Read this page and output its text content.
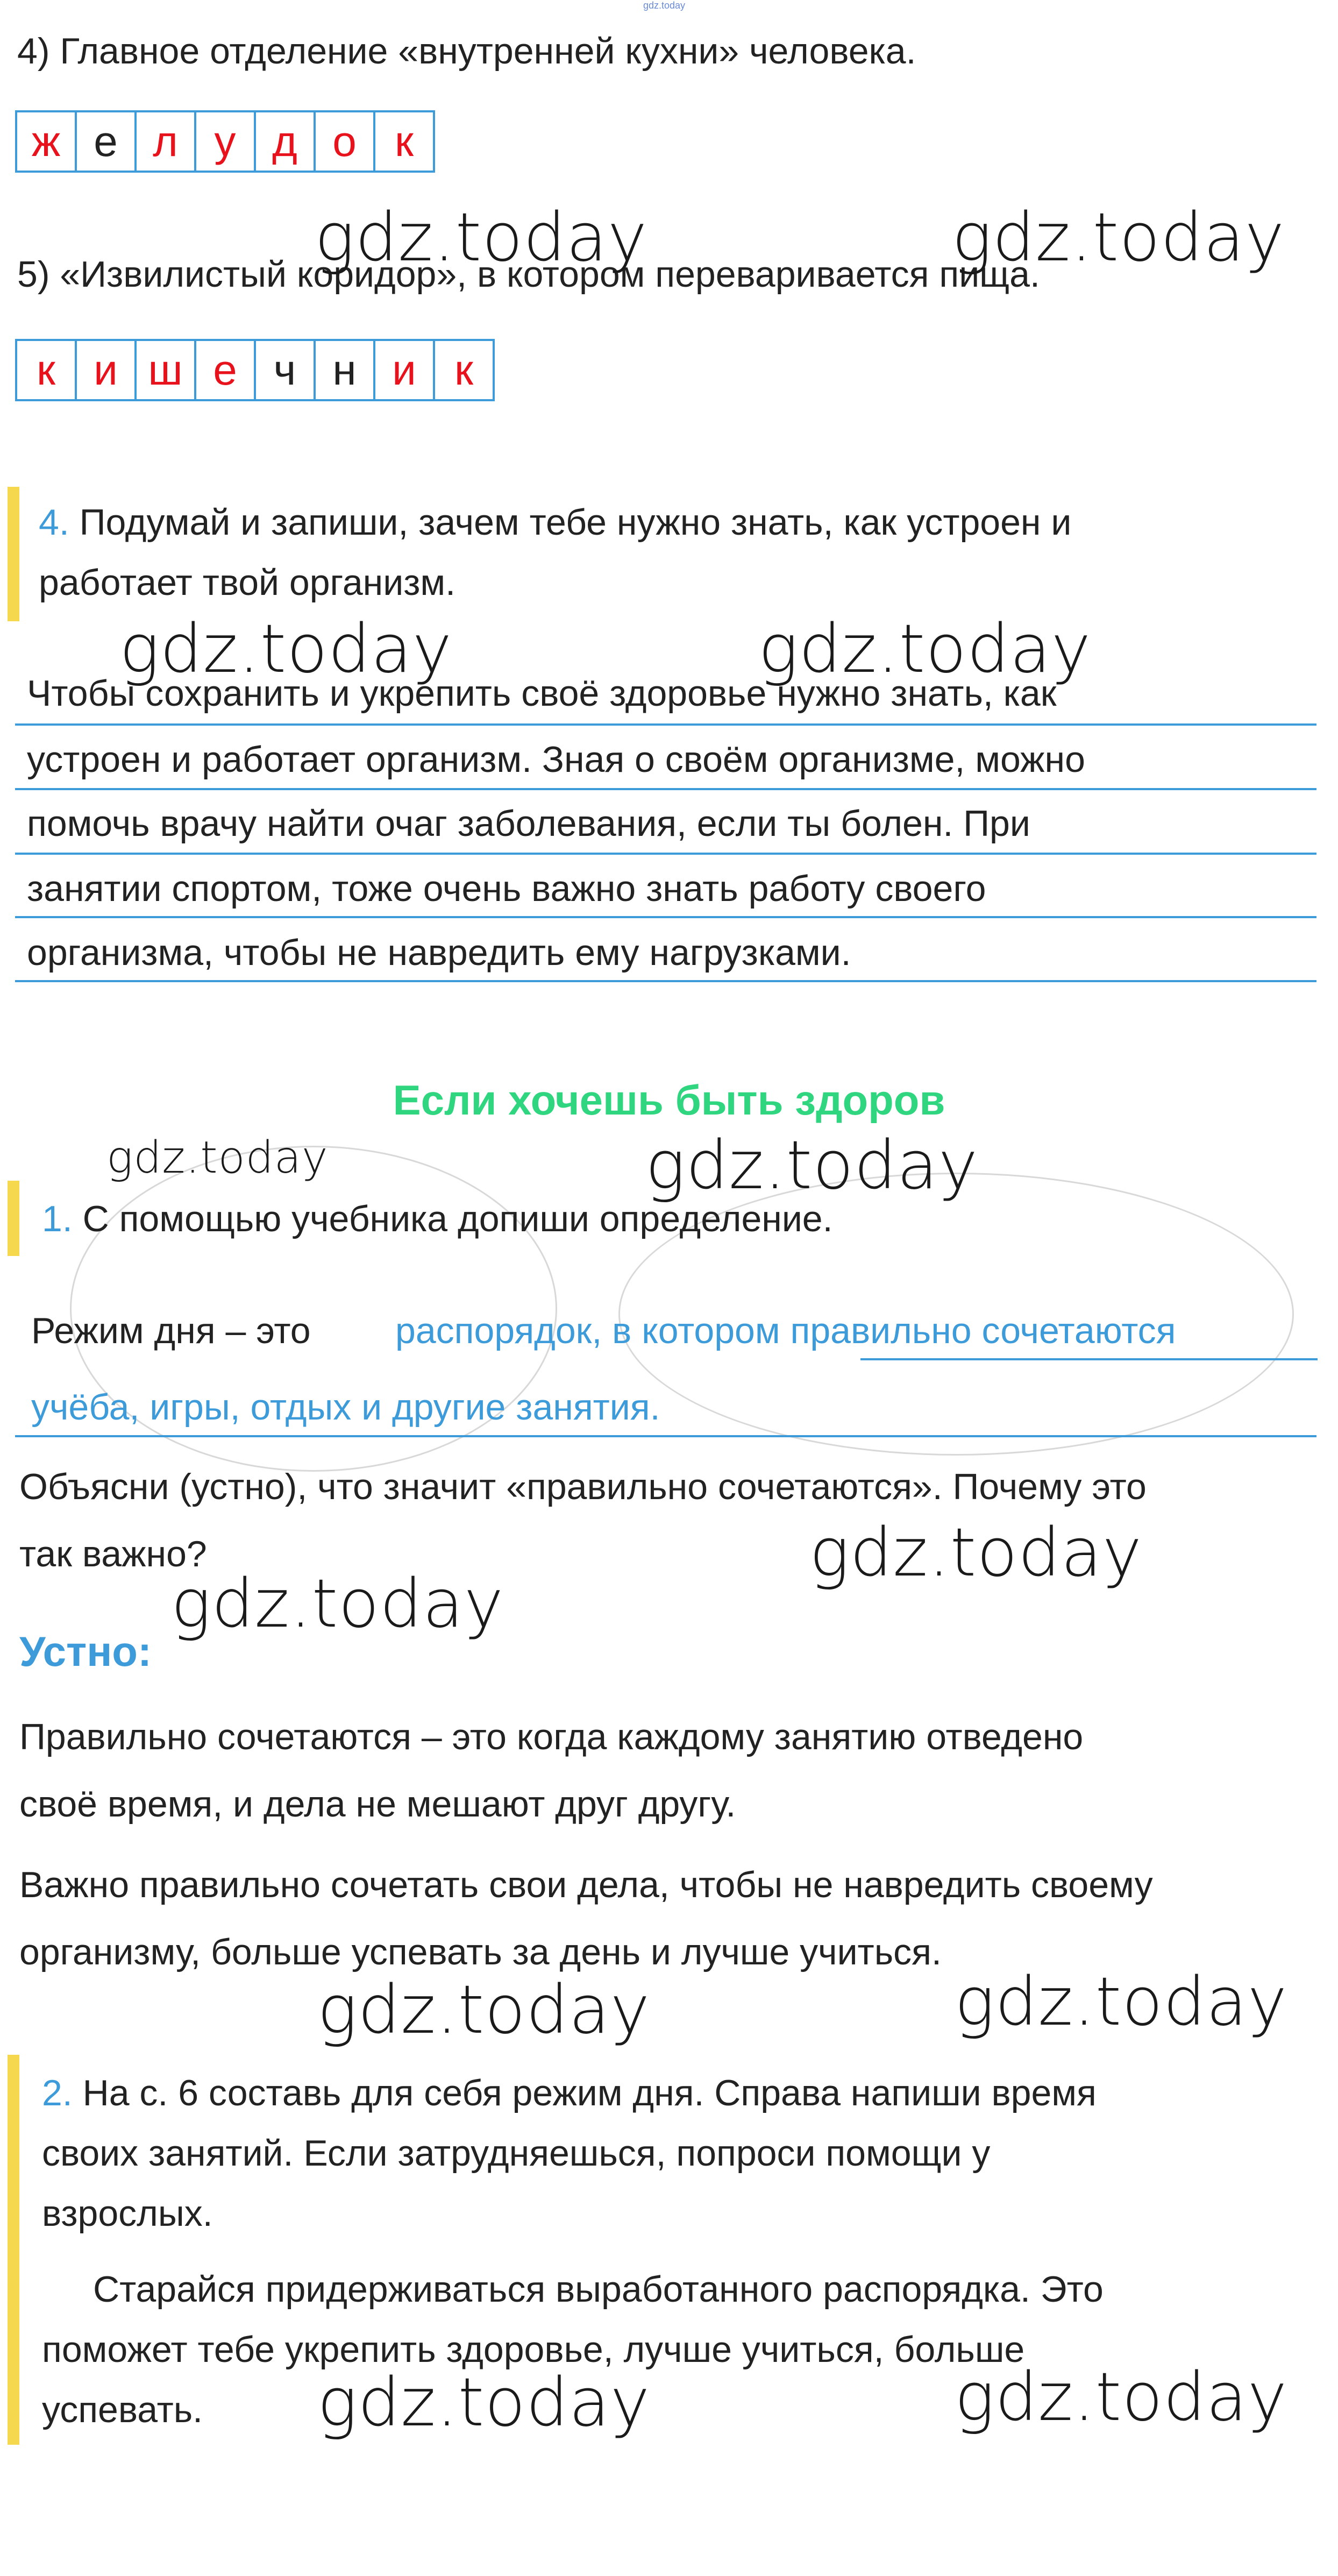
gdz.today
4) Главное отделение «внутренней кухни» человека.
ж е л у д о к
5) «Извилистый коридор», в котором переваривается пища.
к и ш е ч н и к
4. Подумай и запиши, зачем тебе нужно знать, как устроен и
работает твой организм.
Чтобы сохранить и укрепить своё здоровье нужно знать, как
устроен и работает организм. Зная о своём организме, можно
помочь врачу найти очаг заболевания, если ты болен. При
занятии спортом, тоже очень важно знать работу своего
организма, чтобы не навредить ему нагрузками.
Если хочешь быть здоров
1. С помощью учебника допиши определение.
Режим дня – это распорядок, в котором правильно сочетаются
учёба, игры, отдых и другие занятия.
Объясни (устно), что значит «правильно сочетаются». Почему это
так важно?
Устно:
Правильно сочетаются – это когда каждому занятию отведено
своё время, и дела не мешают друг другу.
Важно правильно сочетать свои дела, чтобы не навредить своему
организму, больше успевать за день и лучше учиться.
2. На с. 6 составь для себя режим дня. Справа напиши время
своих занятий. Если затрудняешься, попроси помощи у
взрослых.
Старайся придерживаться выработанного распорядка. Это
поможет тебе укрепить здоровье, лучше учиться, больше
успевать.
gdz.today	gdz.today
gdz.today	gdz.today
gdz.today	gdz.today
gdz.today
gdz.today
gdz.today	gdz.today
gdz.today	gdz.today
